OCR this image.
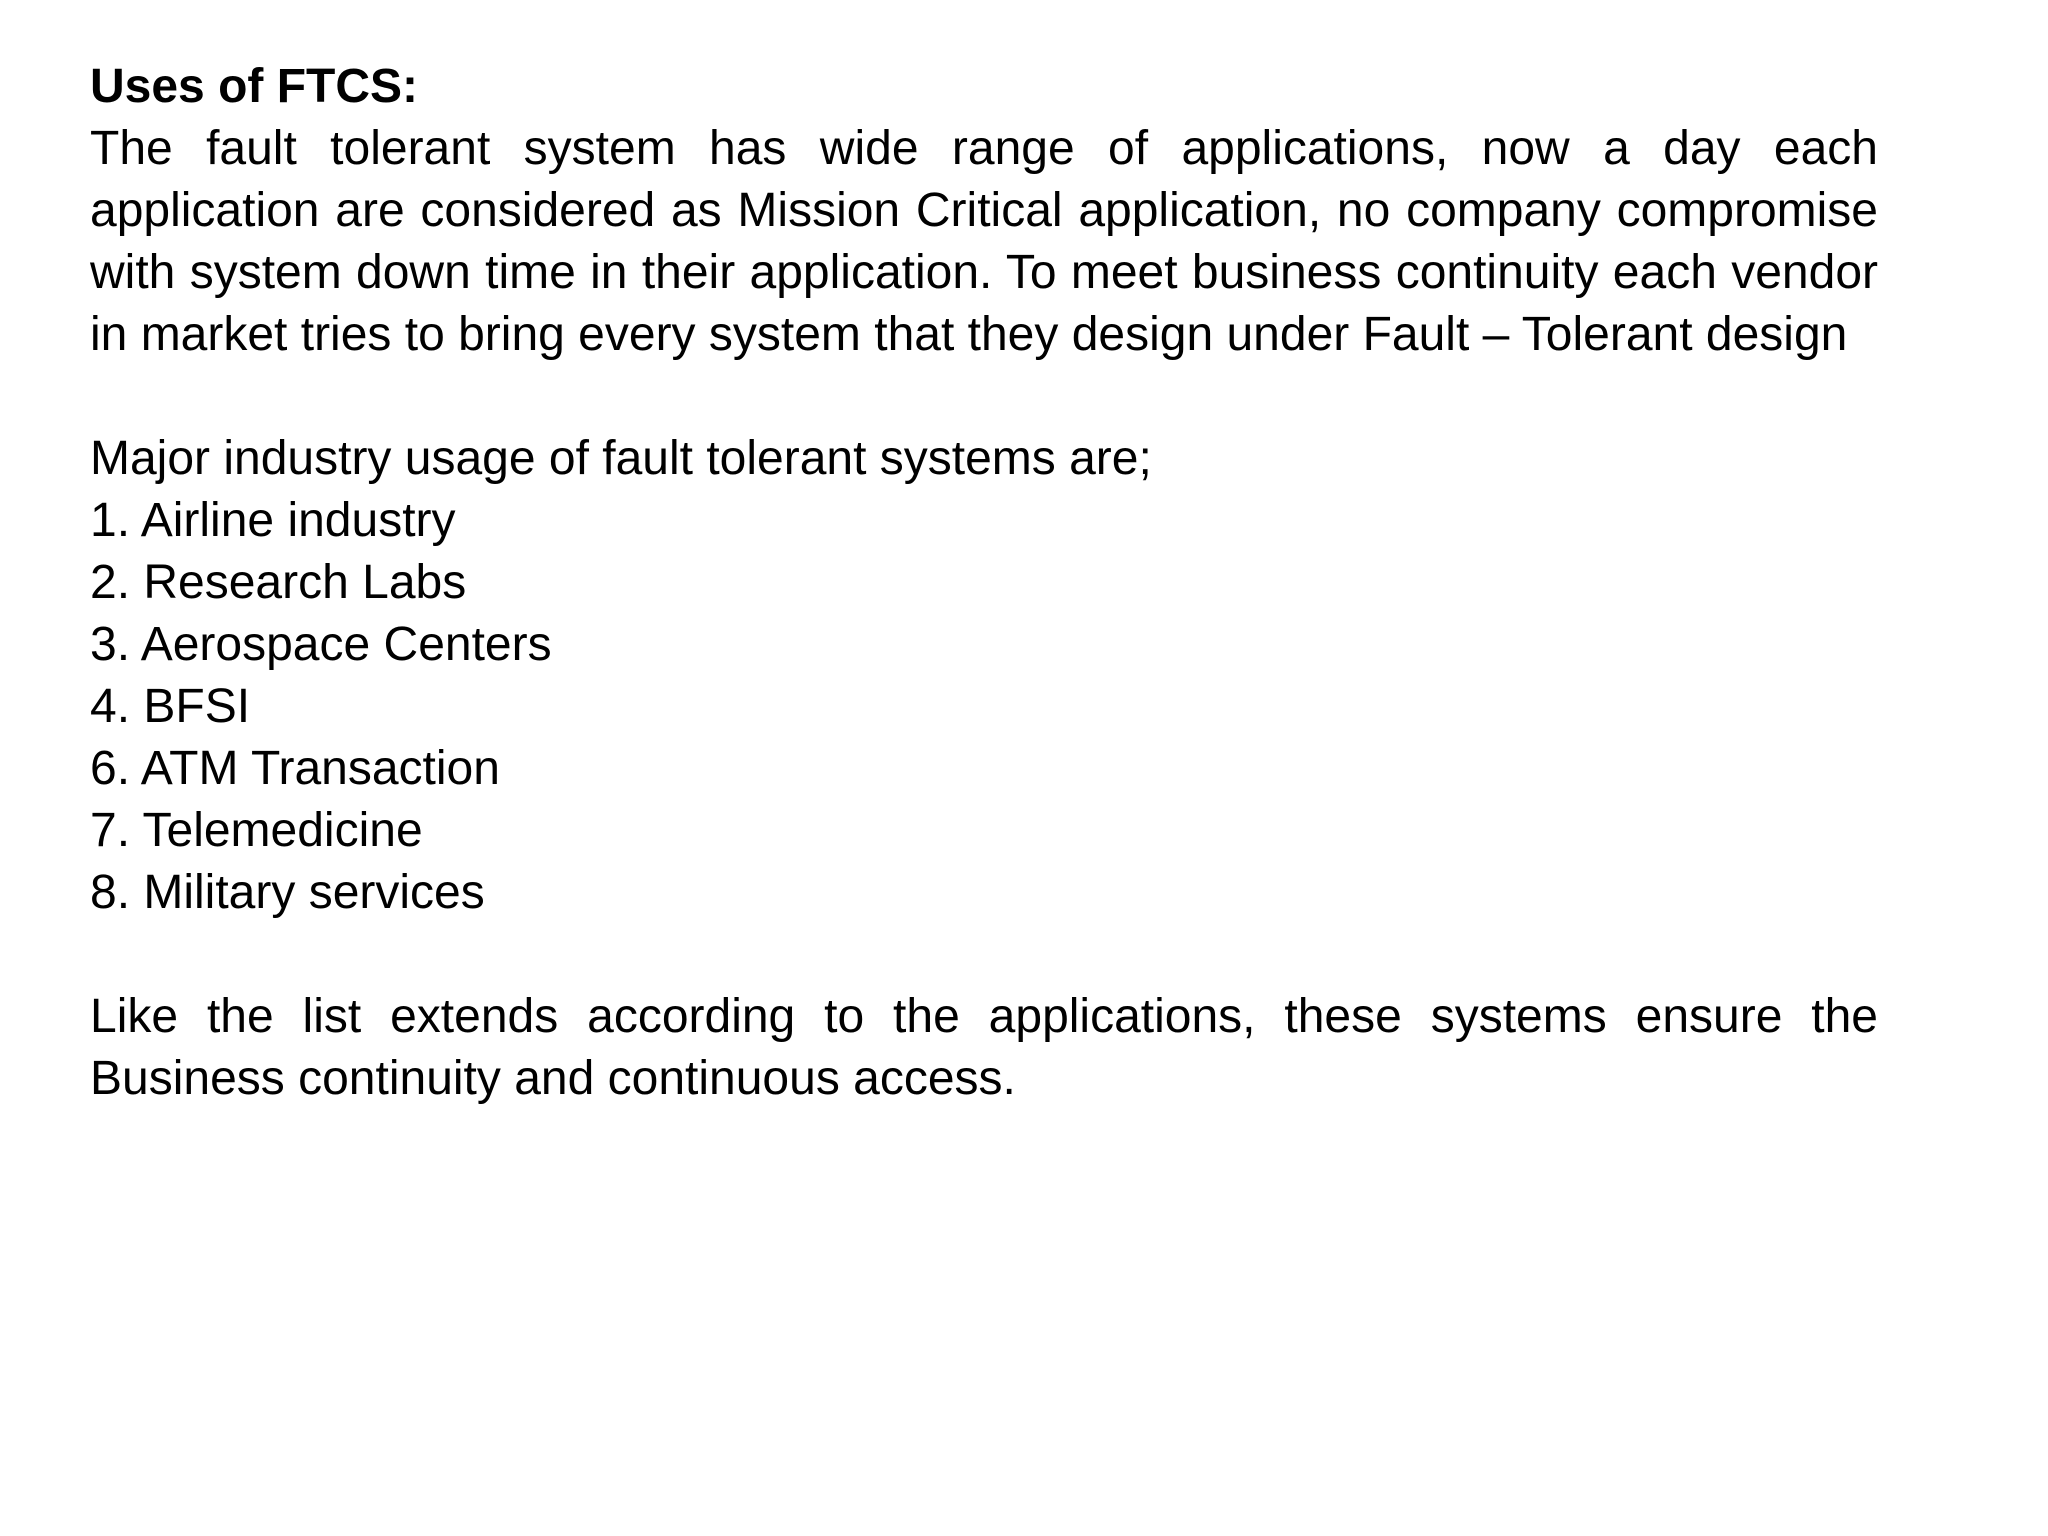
Uses of FTCS:

The fault tolerant system has wide range of applications, now a day each application are considered as Mission Critical application, no company compromise with system down time in their application. To meet business continuity each vendor in market tries to bring every system that they design under Fault – Tolerant design

Major industry usage of fault tolerant systems are;

1. Airline industry
2. Research Labs
3. Aerospace Centers
4. BFSI
6. ATM Transaction
7. Telemedicine
8. Military services

Like the list extends according to the applications, these systems ensure the Business continuity and continuous access.
